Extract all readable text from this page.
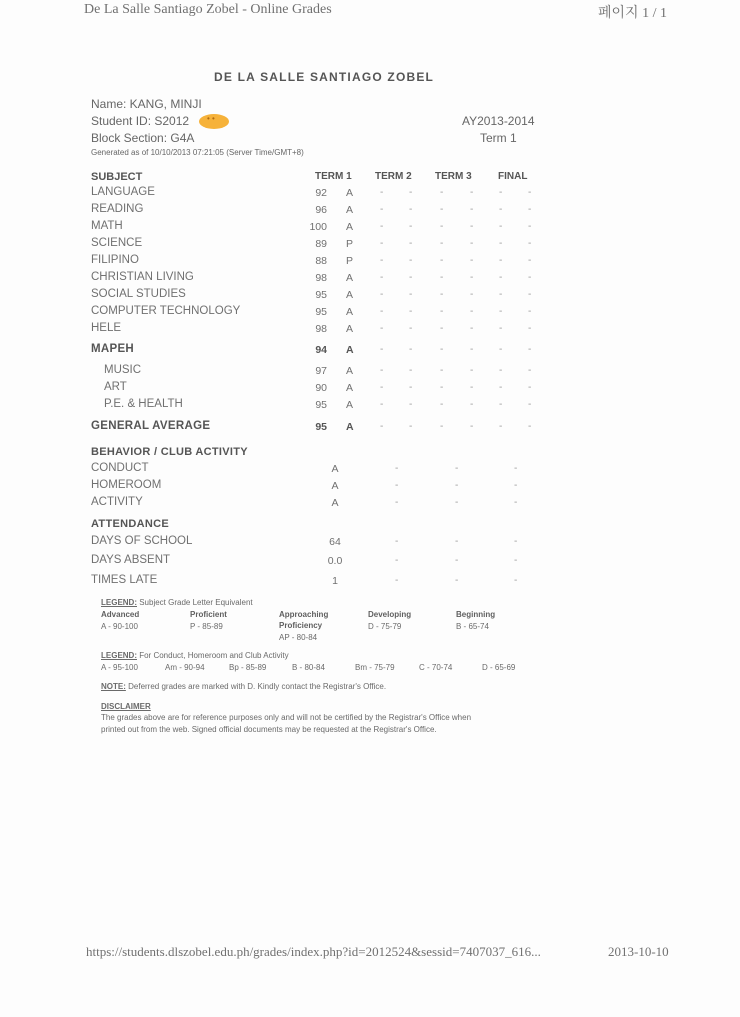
De La Salle Santiago Zobel - Online Grades	페이지 1 / 1
DE LA SALLE SANTIAGO ZOBEL
Name: KANG, MINJI
Student ID: S2012
• •
Block Section: G4A
Generated as of 10/10/2013 07:21:05 (Server Time/GMT+8)
AY2013-2014
Term 1
SUBJECT	TERM 1 TERM 2 TERM 3	FINAL
LANGUAGE	92 A	-	-	-	-	-	-
READING	96 A	-	-	-	-	-	-
MATH	100 A	-	-	-	-	-	-
SCIENCE	89 P	-	-	-	-	-	-
FILIPINO	88 P	-	-	-	-	-	-
CHRISTIAN LIVING	98 A	-	-	-	-	-	-
SOCIAL STUDIES	95 A	-	-	-	-	-	-
COMPUTER TECHNOLOGY	95 A	-	-	-	-	-	-
HELE	98 A	-	-	-	-	-	-
MAPEH	94 A	-	-	-	-	-	-
MUSIC	97 A	-	-	-	-	-	-
ART	90 A	-	-	-	-	-	-
P.E. & HEALTH	95 A	-	-	-	-	-	-
GENERAL AVERAGE	95 A	-	-	-	-	-	-
BEHAVIOR / CLUB ACTIVITY
CONDUCT	A	-	-	-
HOMEROOM	A	-	-	-
ACTIVITY	A	-	-	-
ATTENDANCE
DAYS OF SCHOOL	64	-	-	-
DAYS ABSENT	0.0	-	-	-
TIMES LATE	1	-	-	-
LEGEND: Subject Grade Letter Equivalent
Advanced
A - 90-100
Proficient
P - 85-89
Approaching
Proficiency
AP - 80-84
Developing
D - 75-79
Beginning
B - 65-74
LEGEND: For Conduct, Homeroom and Club Activity
A - 95-100	Am - 90-94	Bp - 85-89	B - 80-84	Bm - 75-79	C - 70-74	D - 65-69
NOTE: Deferred grades are marked with D. Kindly contact the Registrar's Office.
DISCLAIMER
The grades above are for reference purposes only and will not be certified by the Registrar's Office when
printed out from the web. Signed official documents may be requested at the Registrar's Office.
https://students.dlszobel.edu.ph/grades/index.php?id=2012524&sessid=7407037_616...	2013-10-10
